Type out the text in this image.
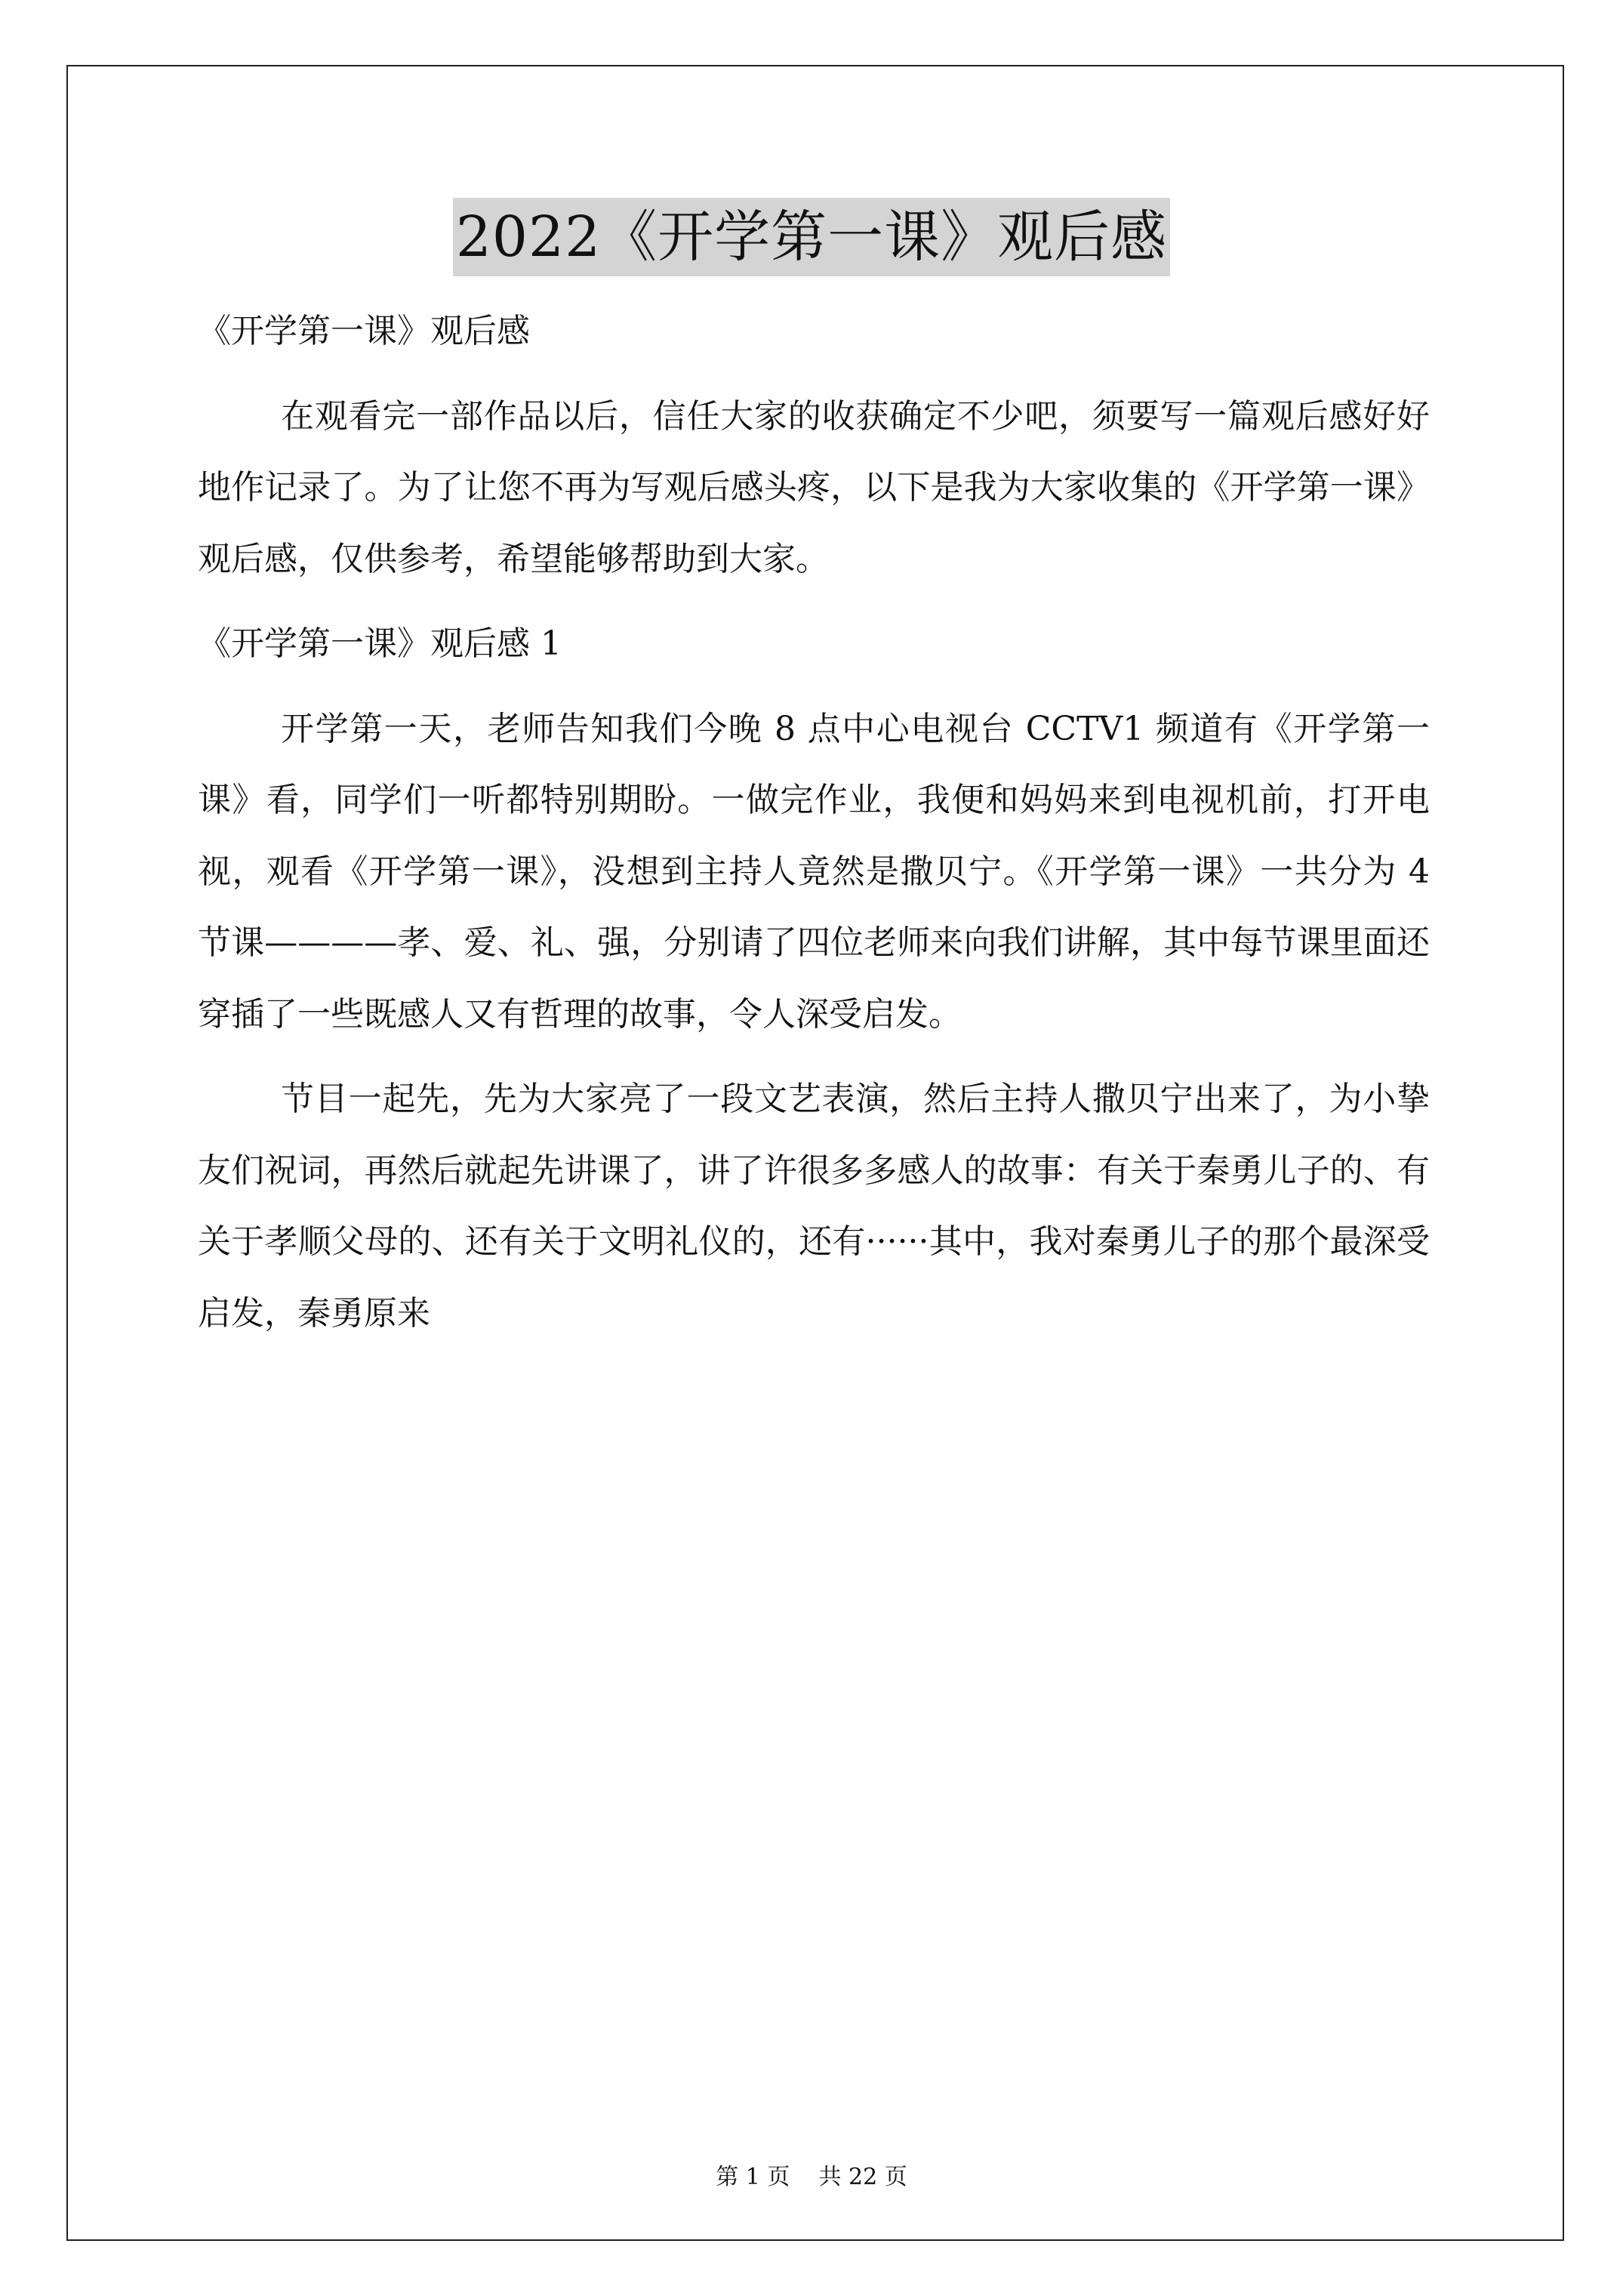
2022《开学第一课》观后感

《开学第一课》观后感

在观看完一部作品以后，信任大家的收获确定不少吧，须要写一篇观后感好好地作记录了。为了让您不再为写观后感头疼，以下是我为大家收集的《开学第一课》观后感，仅供参考，希望能够帮助到大家。

《开学第一课》观后感 1

开学第一天，老师告知我们今晚 8 点中心电视台 CCTV1 频道有《开学第一课》看，同学们一听都特别期盼。一做完作业，我便和妈妈来到电视机前，打开电视，观看《开学第一课》，没想到主持人竟然是撒贝宁。《开学第一课》一共分为 4 节课————孝、爱、礼、强，分别请了四位老师来向我们讲解，其中每节课里面还穿插了一些既感人又有哲理的故事，令人深受启发。

节目一起先，先为大家亮了一段文艺表演，然后主持人撒贝宁出来了，为小挚友们祝词，再然后就起先讲课了，讲了许很多多感人的故事：有关于秦勇儿子的、有关于孝顺父母的、还有关于文明礼仪的，还有······其中，我对秦勇儿子的那个最深受启发，秦勇原来

第 1 页    共 22 页
